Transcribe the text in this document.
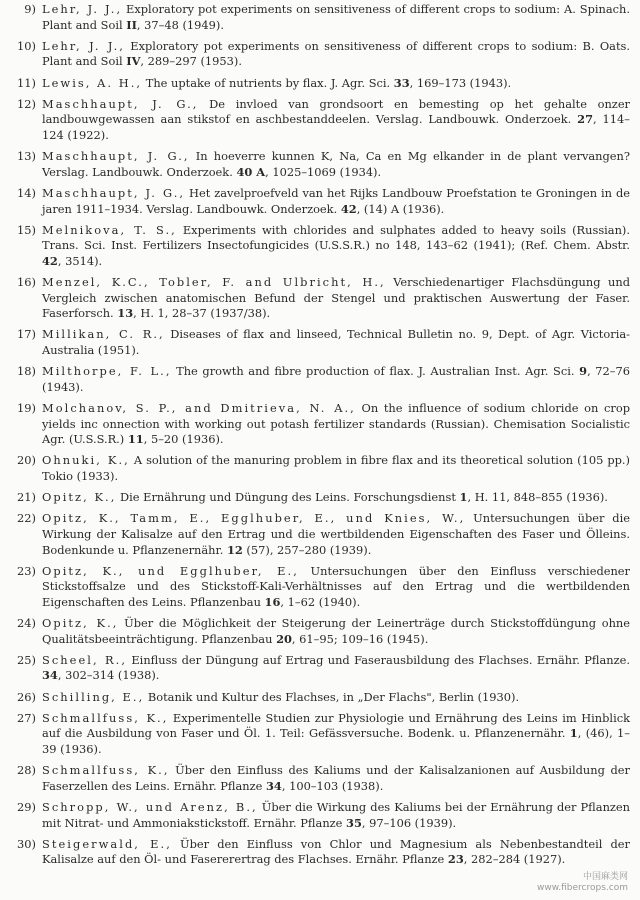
9) Lehr, J. J., Exploratory pot experiments on sensitiveness of different crops to sodium: A. Spinach. Plant and Soil II, 37–48 (1949).
10) Lehr, J. J., Exploratory pot experiments on sensitiveness of different crops to sodium: B. Oats. Plant and Soil IV, 289–297 (1953).
11) Lewis, A. H., The uptake of nutrients by flax. J. Agr. Sci. 33, 169–173 (1943).
12) Maschhaupt, J. G., De invloed van grondsoort en bemesting op het gehalte onzer landbouwgewassen aan stikstof en aschbestanddeelen. Verslag. Landbouwk. Onderzoek. 27, 114–124 (1922).
13) Maschhaupt, J. G., In hoeverre kunnen K, Na, Ca en Mg elkander in de plant vervangen? Verslag. Landbouwk. Onderzoek. 40 A, 1025–1069 (1934).
14) Maschhaupt, J. G., Het zavelproefveld van het Rijks Landbouw Proefstation te Groningen in de jaren 1911–1934. Verslag. Landbouwk. Onderzoek. 42, (14) A (1936).
15) Melnikova, T. S., Experiments with chlorides and sulphates added to heavy soils (Russian). Trans. Sci. Inst. Fertilizers Insectofungicides (U.S.S.R.) no 148, 143–62 (1941); (Ref. Chem. Abstr. 42, 3514).
16) Menzel, K.C., Tobler, F. and Ulbricht, H., Verschiedenartiger Flachsdüngung und Vergleich zwischen anatomischen Befund der Stengel und praktischen Auswertung der Faser. Faserforsch. 13, H. 1, 28–37 (1937/38).
17) Millikan, C. R., Diseases of flax and linseed, Technical Bulletin no. 9, Dept. of Agr. Victoria-Australia (1951).
18) Milthorpe, F. L., The growth and fibre production of flax. J. Australian Inst. Agr. Sci. 9, 72–76 (1943).
19) Molchanov, S. P., and Dmitrieva, N. A., On the influence of sodium chloride on crop yields inc onnection with working out potash fertilizer standards (Russian). Chemisation Socialistic Agr. (U.S.S.R.) 11, 5–20 (1936).
20) Ohnuki, K., A solution of the manuring problem in fibre flax and its theoretical solution (105 pp.) Tokio (1933).
21) Opitz, K., Die Ernährung und Düngung des Leins. Forschungsdienst 1, H. 11, 848–855 (1936).
22) Opitz, K., Tamm, E., Egglhuber, E., und Knies, W., Untersuchungen über die Wirkung der Kalisalze auf den Ertrag und die wertbildenden Eigenschaften des Faser und Ölleins. Bodenkunde u. Pflanzenernähr. 12 (57), 257–280 (1939).
23) Opitz, K., und Egglhuber, E., Untersuchungen über den Einfluss verschiedener Stickstoffsalze und des Stickstoff-Kali-Verhältnisses auf den Ertrag und die wertbildenden Eigenschaften des Leins. Pflanzenbau 16, 1–62 (1940).
24) Opitz, K., Über die Möglichkeit der Steigerung der Leinerträge durch Stickstoffdüngung ohne Qualitätsbeeinträchtigung. Pflanzenbau 20, 61–95; 109–16 (1945).
25) Scheel, R., Einfluss der Düngung auf Ertrag und Faserausbildung des Flachses. Ernähr. Pflanze. 34, 302–314 (1938).
26) Schilling, E., Botanik und Kultur des Flachses, in „Der Flachs", Berlin (1930).
27) Schmallfuss, K., Experimentelle Studien zur Physiologie und Ernährung des Leins im Hinblick auf die Ausbildung von Faser und Öl. 1. Teil: Gefässversuche. Bodenk. u. Pflanzenernähr. 1, (46), 1–39 (1936).
28) Schmallfuss, K., Über den Einfluss des Kaliums und der Kalisalzanionen auf Ausbildung der Faserzellen des Leins. Ernähr. Pflanze 34, 100–103 (1938).
29) Schropp, W., und Arenz, B., Über die Wirkung des Kaliums bei der Ernährung der Pflanzen mit Nitrat- und Ammoniakstickstoff. Ernähr. Pflanze 35, 97–106 (1939).
30) Steigerwald, E., Über den Einfluss von Chlor und Magnesium als Nebenbestandteil der Kalisalze auf den Öl- und Fasererertrag des Flachses. Ernähr. Pflanze 23, 282–284 (1927).
中国麻类网
www.fibercrops.com
